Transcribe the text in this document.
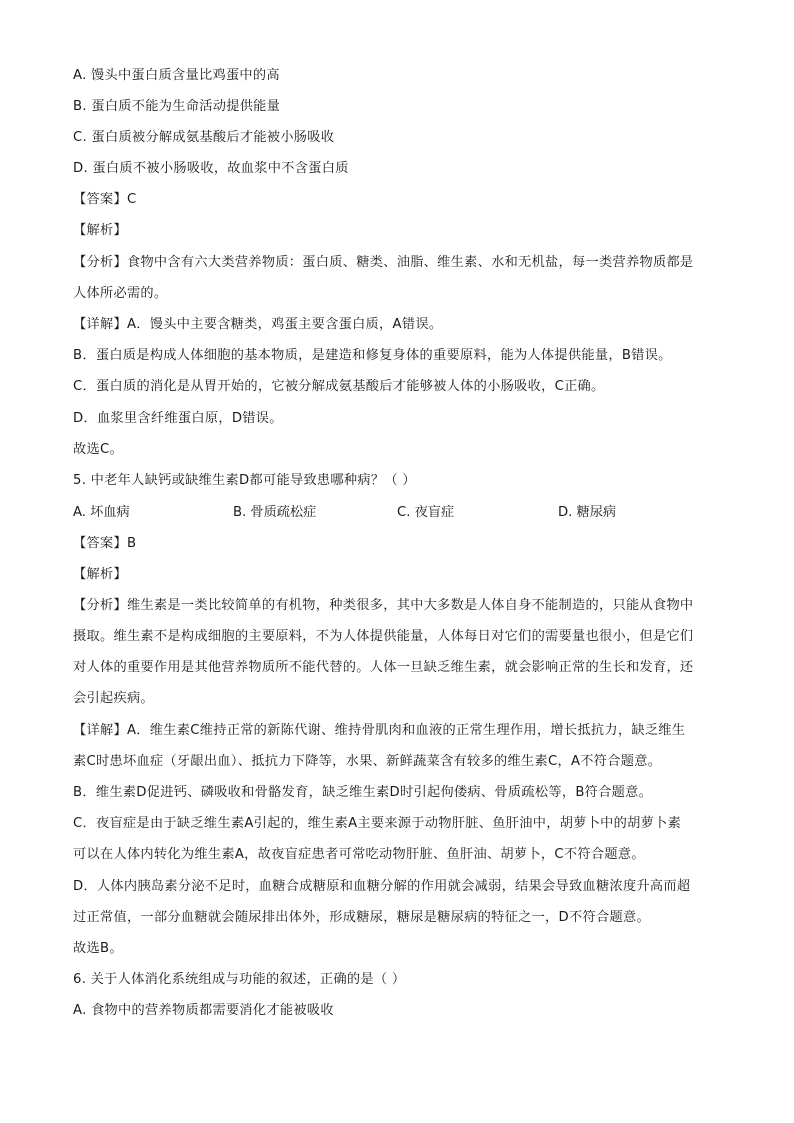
A. 馒头中蛋白质含量比鸡蛋中的高
B. 蛋白质不能为生命活动提供能量
C. 蛋白质被分解成氨基酸后才能被小肠吸收
D. 蛋白质不被小肠吸收，故血浆中不含蛋白质
【答案】C
【解析】
【分析】食物中含有六大类营养物质：蛋白质、糖类、油脂、维生素、水和无机盐，每一类营养物质都是
人体所必需的。
【详解】A．馒头中主要含糖类，鸡蛋主要含蛋白质，A错误。
B．蛋白质是构成人体细胞的基本物质，是建造和修复身体的重要原料，能为人体提供能量，B错误。
C．蛋白质的消化是从胃开始的，它被分解成氨基酸后才能够被人体的小肠吸收，C正确。
D．血浆里含纤维蛋白原，D错误。
故选C。
5. 中老年人缺钙或缺维生素D都可能导致患哪种病？（ ）
A. 坏血病	B. 骨质疏松症	C. 夜盲症	D. 糖尿病
【答案】B
【解析】
【分析】维生素是一类比较简单的有机物，种类很多，其中大多数是人体自身不能制造的，只能从食物中
摄取。维生素不是构成细胞的主要原料，不为人体提供能量，人体每日对它们的需要量也很小，但是它们
对人体的重要作用是其他营养物质所不能代替的。人体一旦缺乏维生素，就会影响正常的生长和发育，还
会引起疾病。
【详解】A．维生素C维持正常的新陈代谢、维持骨肌肉和血液的正常生理作用，增长抵抗力，缺乏维生
素C时患坏血症（牙龈出血）、抵抗力下降等，水果、新鲜蔬菜含有较多的维生素C，A不符合题意。
B．维生素D促进钙、磷吸收和骨骼发育，缺乏维生素D时引起佝偻病、骨质疏松等，B符合题意。
C．夜盲症是由于缺乏维生素A引起的，维生素A主要来源于动物肝脏、鱼肝油中，胡萝卜中的胡萝卜素
可以在人体内转化为维生素A，故夜盲症患者可常吃动物肝脏、鱼肝油、胡萝卜，C不符合题意。
D．人体内胰岛素分泌不足时，血糖合成糖原和血糖分解的作用就会减弱，结果会导致血糖浓度升高而超
过正常值，一部分血糖就会随尿排出体外，形成糖尿，糖尿是糖尿病的特征之一，D不符合题意。
故选B。
6. 关于人体消化系统组成与功能的叙述，正确的是（ ）
A. 食物中的营养物质都需要消化才能被吸收
